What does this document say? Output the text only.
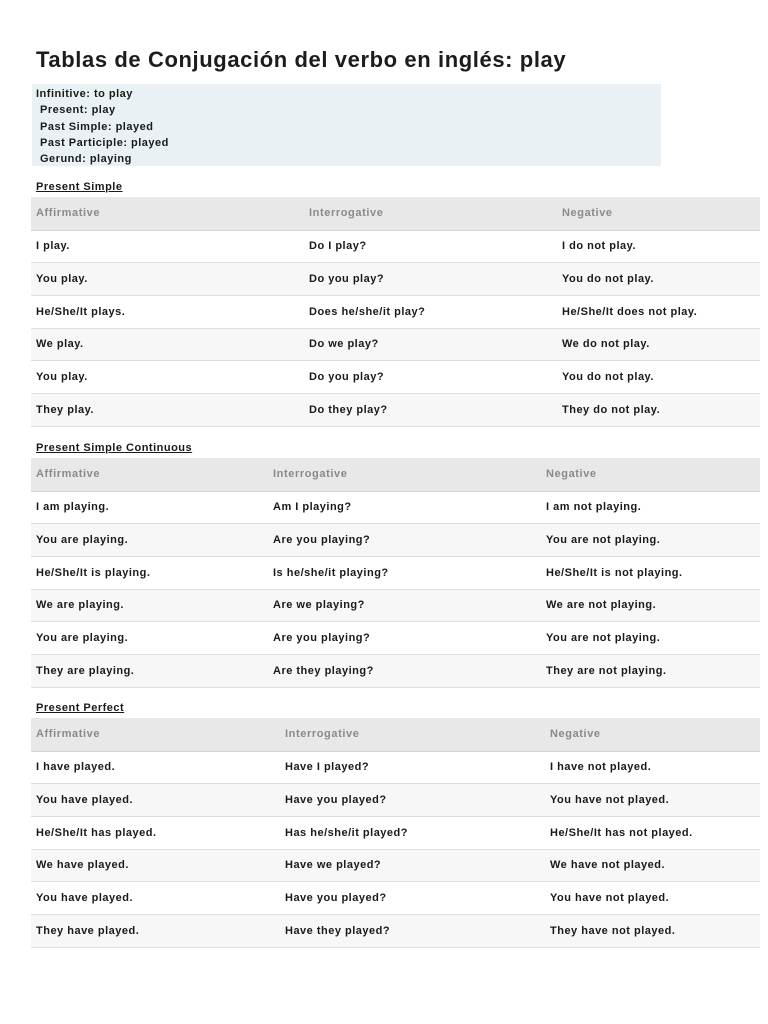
Tablas de Conjugación del verbo en inglés: play
Infinitive: to play
Present: play
Past Simple: played
Past Participle: played
Gerund: playing
Present Simple
Affirmative	Interrogative	Negative
I play.	Do I play?	I do not play.
You play.	Do you play?	You do not play.
He/She/It plays.	Does he/she/it play?	He/She/It does not play.
We play.	Do we play?	We do not play.
You play.	Do you play?	You do not play.
They play.	Do they play?	They do not play.
Present Simple Continuous
Affirmative	Interrogative	Negative
I am playing.	Am I playing?	I am not playing.
You are playing.	Are you playing?	You are not playing.
He/She/It is playing.	Is he/she/it playing?	He/She/It is not playing.
We are playing.	Are we playing?	We are not playing.
You are playing.	Are you playing?	You are not playing.
They are playing.	Are they playing?	They are not playing.
Present Perfect
Affirmative	Interrogative	Negative
I have played.	Have I played?	I have not played.
You have played.	Have you played?	You have not played.
He/She/It has played.	Has he/she/it played?	He/She/It has not played.
We have played.	Have we played?	We have not played.
You have played.	Have you played?	You have not played.
They have played.	Have they played?	They have not played.
